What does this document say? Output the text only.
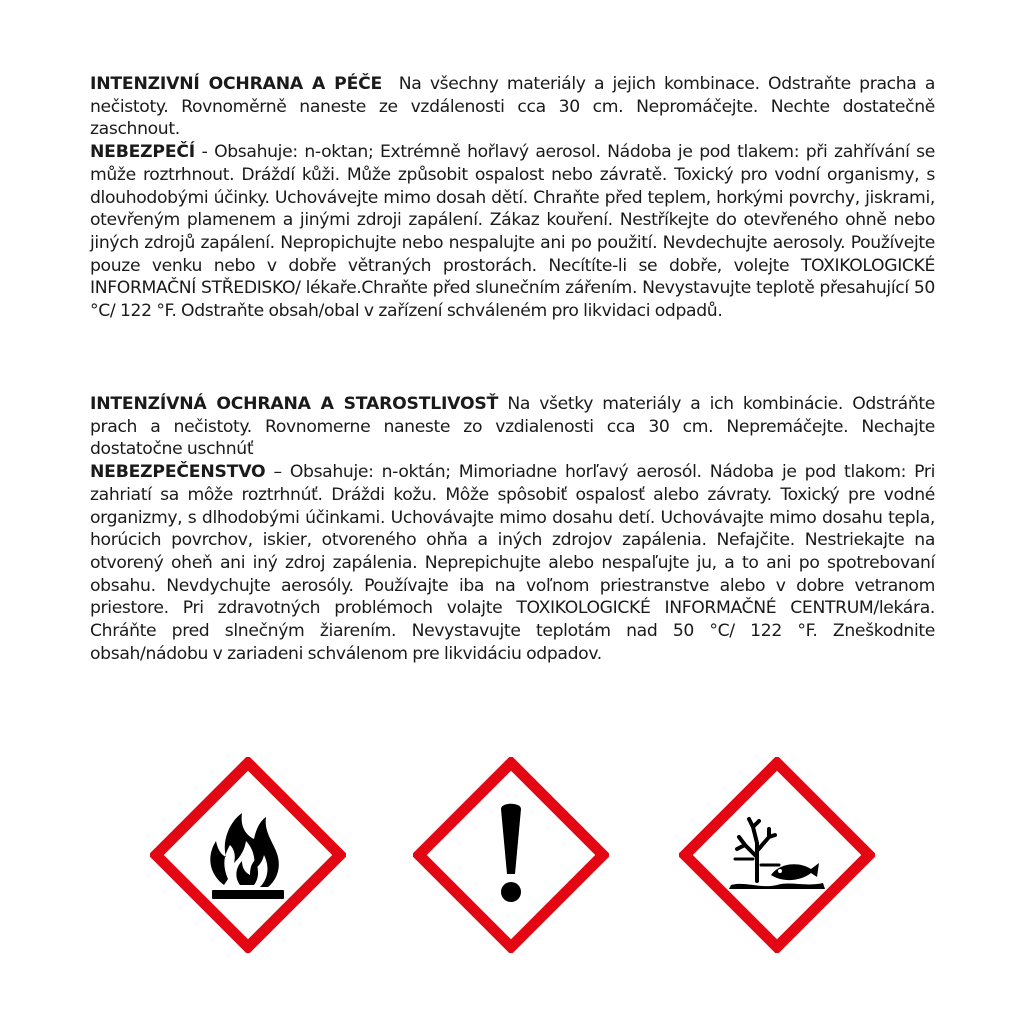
INTENZIVNÍ OCHRANA A PÉČE Na všechny materiály a jejich kombinace. Odstraňte pracha a nečistoty. Rovnoměrně naneste ze vzdálenosti cca 30 cm. Nepromáčejte. Nechte dostatečně zaschnout.

NEBEZPEČÍ - Obsahuje: n-oktan; Extrémně hořlavý aerosol. Nádoba je pod tlakem: při zahřívání se může roztrhnout. Dráždí kůži. Může způsobit ospalost nebo závratě. Toxický pro vodní organismy, s dlouhodobými účinky. Uchovávejte mimo dosah dětí. Chraňte před teplem, horkými povrchy, jiskrami, otevřeným plamenem a jinými zdroji zapálení. Zákaz kouření. Nestříkejte do otevřeného ohně nebo jiných zdrojů zapálení. Nepropichujte nebo nespalujte ani po použití. Nevdechujte aerosoly. Používejte pouze venku nebo v dobře větraných prostorách. Necítíte-li se dobře, volejte TOXIKOLOGICKÉ INFORMAČNÍ STŘEDISKO/ lékaře.Chraňte před slunečním zářením. Nevystavujte teplotě přesahující 50 °C/ 122 °F. Odstraňte obsah/obal v zařízení schváleném pro likvidaci odpadů.

INTENZÍVNÁ OCHRANA A STAROSTLIVOSŤ Na všetky materiály a ich kombinácie. Odstráňte prach a nečistoty. Rovnomerne naneste zo vzdialenosti cca 30 cm. Nepremáčejte. Nechajte dostatočne uschnúť

NEBEZPEČENSTVO – Obsahuje: n-oktán; Mimoriadne horľavý aerosól. Nádoba je pod tlakom: Pri zahriatí sa môže roztrhnúť. Dráždi kožu. Môže spôsobiť ospalosť alebo závraty. Toxický pre vodné organizmy, s dlhodobými účinkami. Uchovávajte mimo dosahu detí. Uchovávajte mimo dosahu tepla, horúcich povrchov, iskier, otvoreného ohňa a iných zdrojov zapálenia. Nefajčite. Nestriekajte na otvorený oheň ani iný zdroj zapálenia. Neprepichujte alebo nespaľujte ju, a to ani po spotrebovaní obsahu. Nevdychujte aerosóly. Používajte iba na voľnom priestranstve alebo v dobre vetranom priestore. Pri zdravotných problémoch volajte TOXIKOLOGICKÉ INFORMAČNÉ CENTRUM/lekára. Chráňte pred slnečným žiarením. Nevystavujte teplotám nad 50 °C/ 122 °F. Zneškodnite obsah/nádobu v zariadeni schválenom pre likvidáciu odpadov.
